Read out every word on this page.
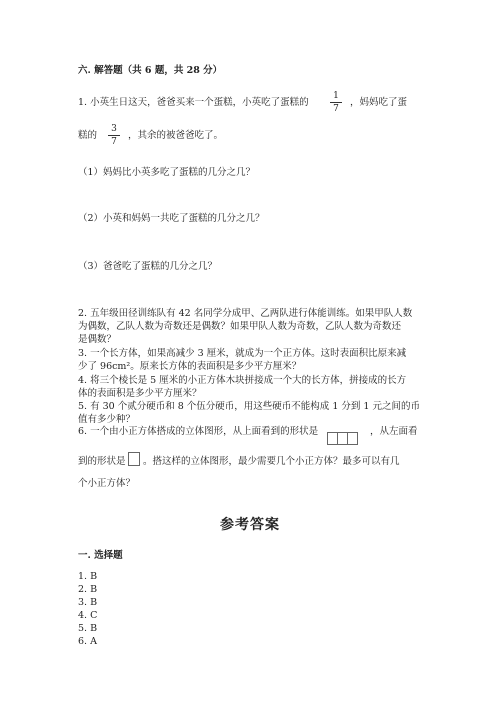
六. 解答题（共 6 题，共 28 分）
1. 小英生日这天，爸爸买来一个蛋糕，小英吃了蛋糕的
1
7
，妈妈吃了蛋
糕的
3
7
，其余的被爸爸吃了。
（1）妈妈比小英多吃了蛋糕的几分之几？
（2）小英和妈妈一共吃了蛋糕的几分之几？
（3）爸爸吃了蛋糕的几分之几？
2. 五年级田径训练队有 42 名同学分成甲、乙两队进行体能训练。如果甲队人数
为偶数，乙队人数为奇数还是偶数？如果甲队人数为奇数，乙队人数为奇数还
是偶数？
3. 一个长方体，如果高减少 3 厘米，就成为一个正方体。这时表面积比原来减
少了 96cm²。原来长方体的表面积是多少平方厘米？
4. 将三个棱长是 5 厘米的小正方体木块拼接成一个大的长方体，拼接成的长方
体的表面积是多少平方厘米？
5. 有 30 个贰分硬币和 8 个伍分硬币，用这些硬币不能构成 1 分到 1 元之间的币
值有多少种？
6. 一个由小正方体搭成的立体图形，从上面看到的形状是	，从左面看
到的形状是 。搭这样的立体图形，最少需要几个小正方体？最多可以有几
个小正方体？
参考答案
一. 选择题
1. B
2. B
3. B
4. C
5. B
6. A
